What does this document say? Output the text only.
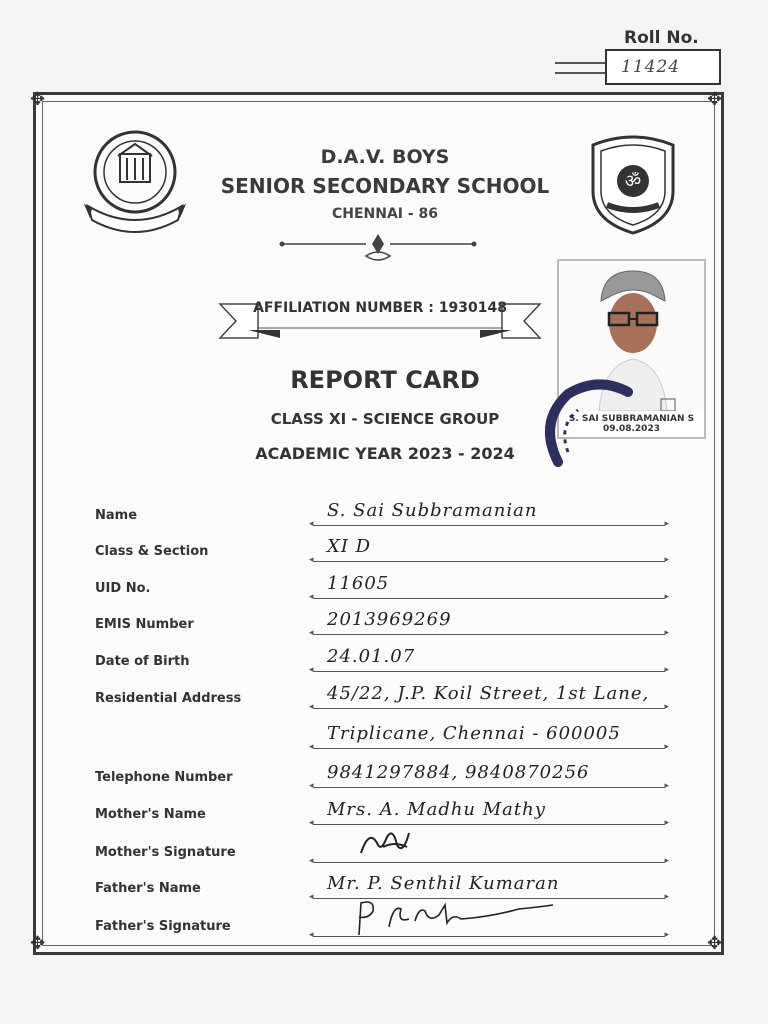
Roll No.
11424
✥	✥
✥	✥
D.A.V. BOYS
SENIOR SECONDARY SCHOOL
CHENNAI - 86
ॐ
AFFILIATION NUMBER : 1930148
S. SAI SUBBRAMANIAN S
09.08.2023
REPORT CARD
CLASS XI - SCIENCE GROUP
ACADEMIC YEAR 2023 - 2024
Name
◂ ▸	S. Sai Subbramanian
Class & Section
◂ ▸	XI D
UID No.
◂ ▸	11605
EMIS Number
◂ ▸	2013969269
Date of Birth
◂ ▸	24.01.07
Residential Address
◂ ▸	45/22, J.P. Koil Street, 1st Lane,
◂ ▸
Triplicane, Chennai - 600005
Telephone Number
◂ ▸	9841297884, 9840870256
Mother's Name
◂ ▸	Mrs. A. Madhu Mathy
Mother's Signature
◂ ▸
Father's Name
◂ ▸	Mr. P. Senthil Kumaran
Father's Signature
◂ ▸
